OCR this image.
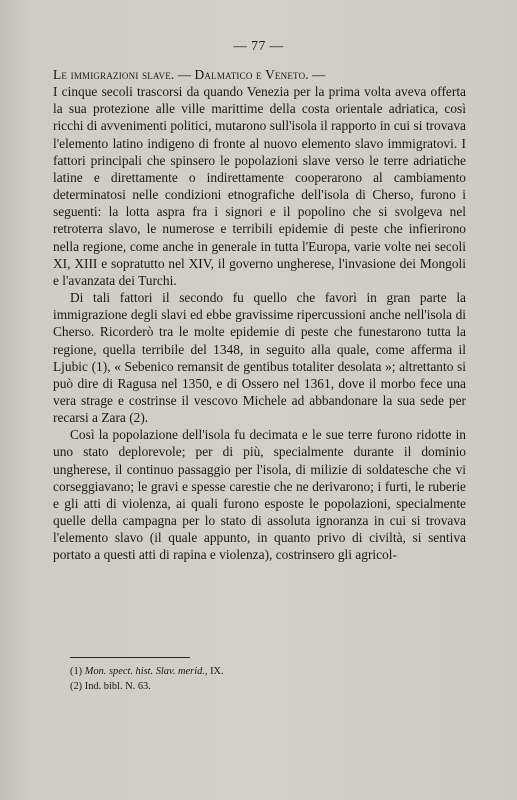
— 77 —

Le immigrazioni slave. — Dalmatico e Veneto. —

I cinque secoli trascorsi da quando Venezia per la prima volta aveva offerta la sua protezione alle ville marittime della costa orientale adriatica, così ricchi di avvenimenti politici, mutarono sull'isola il rapporto in cui si trovava l'elemento latino indigeno di fronte al nuovo elemento slavo immigratovi. I fattori principali che spinsero le popolazioni slave verso le terre adriatiche latine e direttamente o indirettamente cooperarono al cambiamento determinatosi nelle condizioni etnografiche dell'isola di Cherso, furono i seguenti: la lotta aspra fra i signori e il popolino che si svolgeva nel retroterra slavo, le numerose e terribili epidemie di peste che infierirono nella regione, come anche in generale in tutta l'Europa, varie volte nei secoli XI, XIII e sopratutto nel XIV, il governo ungherese, l'invasione dei Mongoli e l'avanzata dei Turchi.

Di tali fattori il secondo fu quello che favorì in gran parte la immigrazione degli slavi ed ebbe gravissime ripercussioni anche nell'isola di Cherso. Ricorderò tra le molte epidemie di peste che funestarono tutta la regione, quella terribile del 1348, in seguito alla quale, come afferma il Ljubic (1), « Sebenico remansit de gentibus totaliter desolata »; altrettanto si può dire di Ragusa nel 1350, e di Ossero nel 1361, dove il morbo fece una vera strage e costrinse il vescovo Michele ad abbandonare la sua sede per recarsi a Zara (2).

Così la popolazione dell'isola fu decimata e le sue terre furono ridotte in uno stato deplorevole; per di più, specialmente durante il dominio ungherese, il continuo passaggio per l'isola, di milizie di soldatesche che vi corseggiavano; le gravi e spesse carestie che ne derivarono; i furti, le ruberie e gli atti di violenza, ai quali furono esposte le popolazioni, specialmente quelle della campagna per lo stato di assoluta ignoranza in cui si trovava l'elemento slavo (il quale appunto, in quanto privo di civiltà, si sentiva portato a questi atti di rapina e violenza), costrinsero gli agricol-

(1) Mon. spect. hist. Slav. merid., IX.

(2) Ind. bibl. N. 63.
